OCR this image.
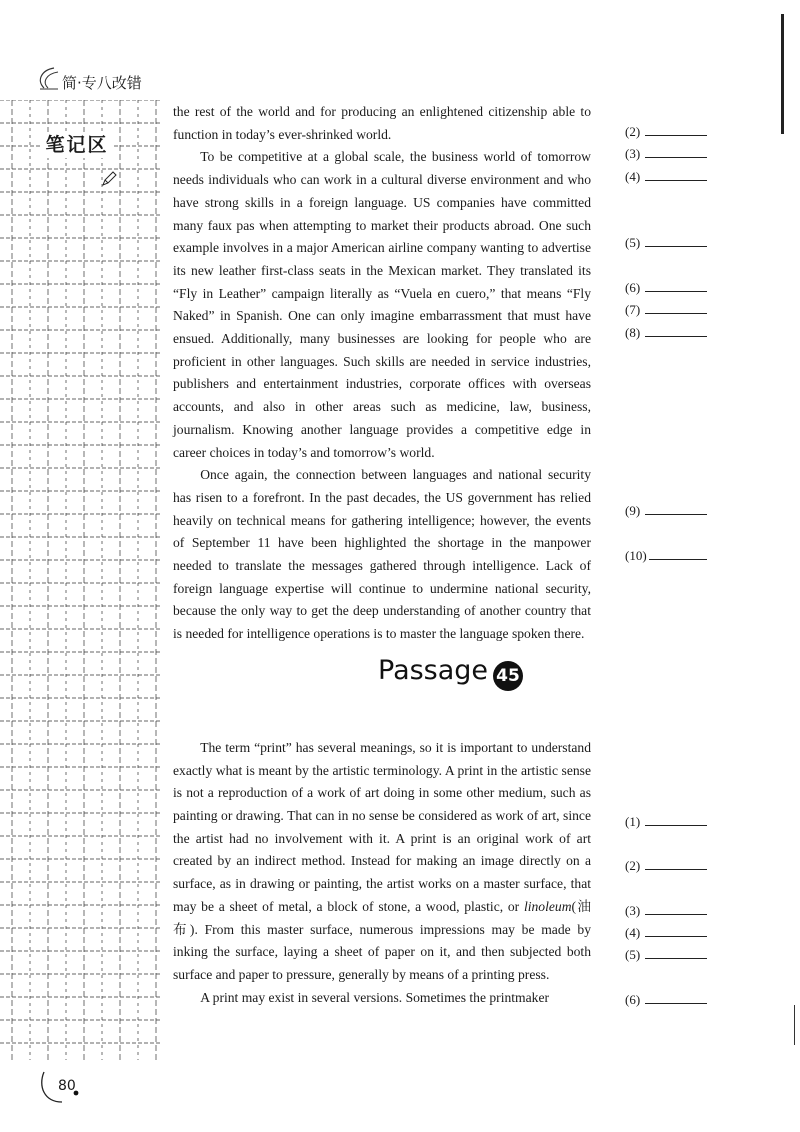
简·专八改错
笔记区

the rest of the world and for producing an enlightened citizenship able to function in today’s ever-shrinked world.

To be competitive at a global scale, the business world of tomorrow needs individuals who can work in a cultural diverse environment and who have strong skills in a foreign language. US companies have committed many faux pas when attempting to market their products abroad. One such example involves in a major American airline company wanting to advertise its new leather first-class seats in the Mexican market. They translated its “Fly in Leather” campaign literally as “Vuela en cuero,” that means “Fly Naked” in Spanish. One can only imagine embarrassment that must have ensued. Additionally, many businesses are looking for people who are proficient in other languages. Such skills are needed in service industries, publishers and entertainment industries, corporate offices with overseas accounts, and also in other areas such as medicine, law, business, journalism. Knowing another language provides a competitive edge in career choices in today’s and tomorrow’s world.

Once again, the connection between languages and national security has risen to a forefront. In the past decades, the US government has relied heavily on technical means for gathering intelligence; however, the events of September 11 have been highlighted the shortage in the manpower needed to translate the messages gathered through intelligence. Lack of foreign language expertise will continue to undermine national security, because the only way to get the deep understanding of another country that is needed for intelligence operations is to master the language spoken there.

Passage 45

The term “print” has several meanings, so it is important to understand exactly what is meant by the artistic terminology. A print in the artistic sense is not a reproduction of a work of art doing in some other medium, such as painting or drawing. That can in no sense be considered as work of art, since the artist had no involvement with it. A print is an original work of art created by an indirect method. Instead for making an image directly on a surface, as in drawing or painting, the artist works on a master surface, that may be a sheet of metal, a block of stone, a wood, plastic, or linoleum(油布). From this master surface, numerous impressions may be made by inking the surface, laying a sheet of paper on it, and then subjected both surface and paper to pressure, generally by means of a printing press.

A print may exist in several versions. Sometimes the printmaker

(2)
(3)
(4)
(5)
(6)
(7)
(8)
(9)
(10)
(1)
(2)
(3)
(4)
(5)
(6)
80
